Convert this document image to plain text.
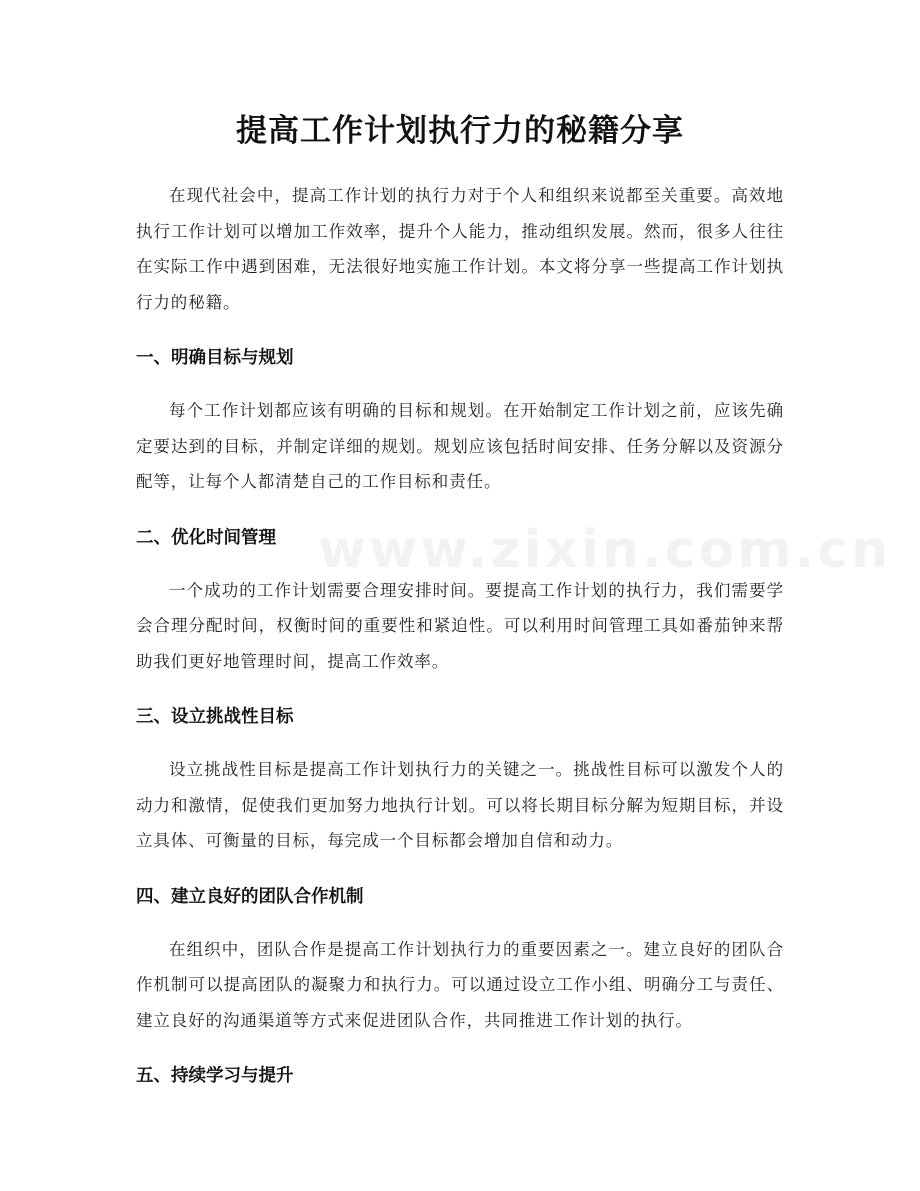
提高工作计划执行力的秘籍分享

在现代社会中，提高工作计划的执行力对于个人和组织来说都至关重要。高效地执行工作计划可以增加工作效率，提升个人能力，推动组织发展。然而，很多人往往在实际工作中遇到困难，无法很好地实施工作计划。本文将分享一些提高工作计划执行力的秘籍。

一、明确目标与规划

每个工作计划都应该有明确的目标和规划。在开始制定工作计划之前，应该先确定要达到的目标，并制定详细的规划。规划应该包括时间安排、任务分解以及资源分配等，让每个人都清楚自己的工作目标和责任。

二、优化时间管理

一个成功的工作计划需要合理安排时间。要提高工作计划的执行力，我们需要学会合理分配时间，权衡时间的重要性和紧迫性。可以利用时间管理工具如番茄钟来帮助我们更好地管理时间，提高工作效率。

三、设立挑战性目标

设立挑战性目标是提高工作计划执行力的关键之一。挑战性目标可以激发个人的动力和激情，促使我们更加努力地执行计划。可以将长期目标分解为短期目标，并设立具体、可衡量的目标，每完成一个目标都会增加自信和动力。

四、建立良好的团队合作机制

在组织中，团队合作是提高工作计划执行力的重要因素之一。建立良好的团队合作机制可以提高团队的凝聚力和执行力。可以通过设立工作小组、明确分工与责任、建立良好的沟通渠道等方式来促进团队合作，共同推进工作计划的执行。

五、持续学习与提升
www.zixin.com.cn
